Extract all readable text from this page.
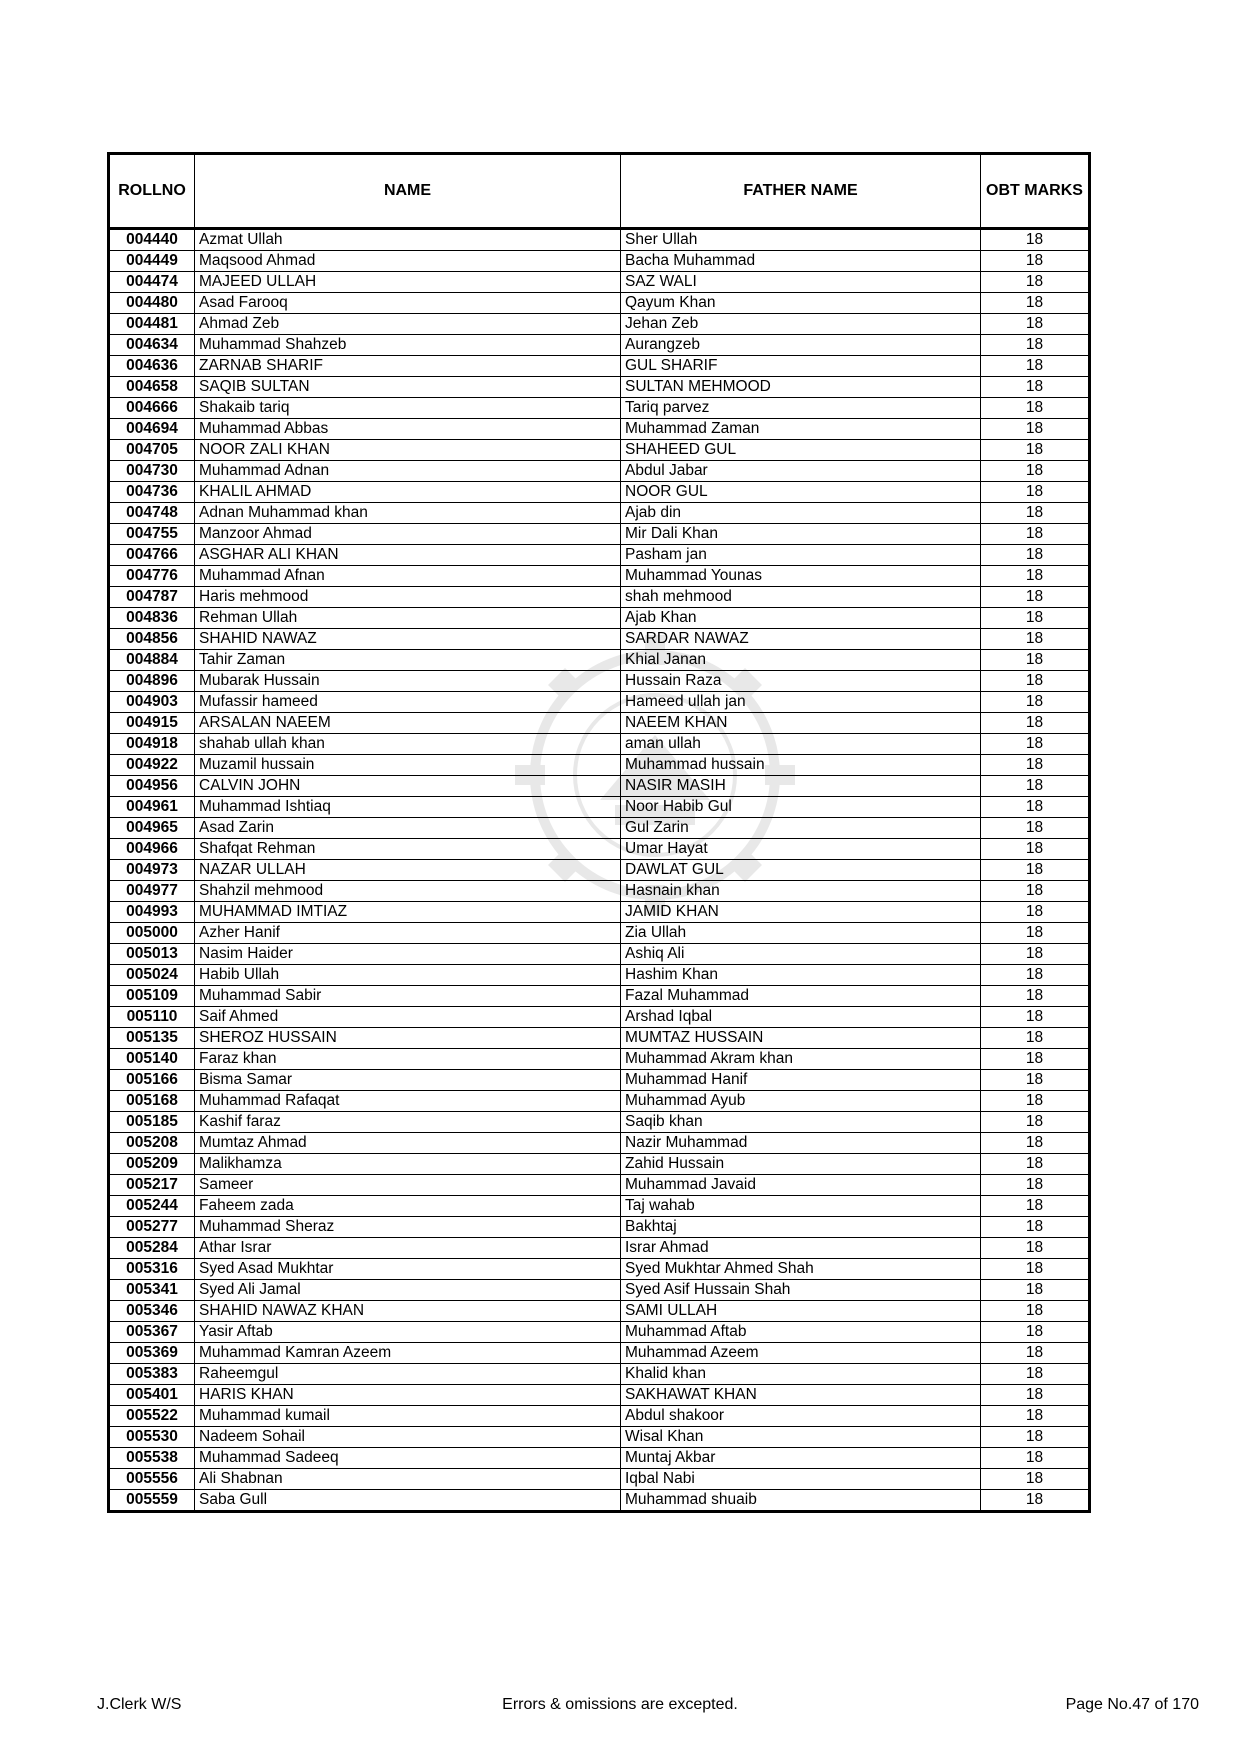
ROLLNO	NAME	FATHER NAME	OBT MARKS
004440	Azmat Ullah	Sher Ullah	18
004449	Maqsood Ahmad	Bacha Muhammad	18
004474	MAJEED ULLAH	SAZ WALI	18
004480	Asad Farooq	Qayum Khan	18
004481	Ahmad Zeb	Jehan Zeb	18
004634	Muhammad Shahzeb	Aurangzeb	18
004636	ZARNAB SHARIF	GUL SHARIF	18
004658	SAQIB SULTAN	SULTAN MEHMOOD	18
004666	Shakaib tariq	Tariq parvez	18
004694	Muhammad Abbas	Muhammad Zaman	18
004705	NOOR ZALI KHAN	SHAHEED GUL	18
004730	Muhammad Adnan	Abdul Jabar	18
004736	KHALIL AHMAD	NOOR GUL	18
004748	Adnan Muhammad khan	Ajab din	18
004755	Manzoor Ahmad	Mir Dali Khan	18
004766	ASGHAR ALI KHAN	Pasham jan	18
004776	Muhammad Afnan	Muhammad Younas	18
004787	Haris mehmood	shah mehmood	18
004836	Rehman Ullah	Ajab Khan	18
004856	SHAHID NAWAZ	SARDAR NAWAZ	18
004884	Tahir Zaman	Khial Janan	18
004896	Mubarak Hussain	Hussain Raza	18
004903	Mufassir hameed	Hameed ullah jan	18
004915	ARSALAN NAEEM	NAEEM KHAN	18
004918	shahab ullah khan	aman ullah	18
004922	Muzamil hussain	Muhammad hussain	18
004956	CALVIN JOHN	NASIR MASIH	18
004961	Muhammad Ishtiaq	Noor Habib Gul	18
004965	Asad Zarin	Gul Zarin	18
004966	Shafqat Rehman	Umar Hayat	18
004973	NAZAR ULLAH	DAWLAT GUL	18
004977	Shahzil mehmood	Hasnain khan	18
004993	MUHAMMAD IMTIAZ	JAMID KHAN	18
005000	Azher Hanif	Zia Ullah	18
005013	Nasim Haider	Ashiq Ali	18
005024	Habib Ullah	Hashim Khan	18
005109	Muhammad Sabir	Fazal Muhammad	18
005110	Saif Ahmed	Arshad Iqbal	18
005135	SHEROZ HUSSAIN	MUMTAZ HUSSAIN	18
005140	Faraz khan	Muhammad Akram khan	18
005166	Bisma Samar	Muhammad Hanif	18
005168	Muhammad Rafaqat	Muhammad Ayub	18
005185	Kashif faraz	Saqib khan	18
005208	Mumtaz Ahmad	Nazir Muhammad	18
005209	Malikhamza	Zahid Hussain	18
005217	Sameer	Muhammad Javaid	18
005244	Faheem zada	Taj wahab	18
005277	Muhammad Sheraz	Bakhtaj	18
005284	Athar Israr	Israr Ahmad	18
005316	Syed Asad Mukhtar	Syed Mukhtar Ahmed Shah	18
005341	Syed Ali Jamal	Syed Asif Hussain Shah	18
005346	SHAHID NAWAZ KHAN	SAMI ULLAH	18
005367	Yasir Aftab	Muhammad Aftab	18
005369	Muhammad Kamran Azeem	Muhammad Azeem	18
005383	Raheemgul	Khalid khan	18
005401	HARIS KHAN	SAKHAWAT KHAN	18
005522	Muhammad kumail	Abdul shakoor	18
005530	Nadeem Sohail	Wisal Khan	18
005538	Muhammad Sadeeq	Muntaj Akbar	18
005556	Ali Shabnan	Iqbal Nabi	18
005559	Saba Gull	Muhammad shuaib	18
J.Clerk W/S	Errors & omissions are excepted.	Page No.47 of 170
